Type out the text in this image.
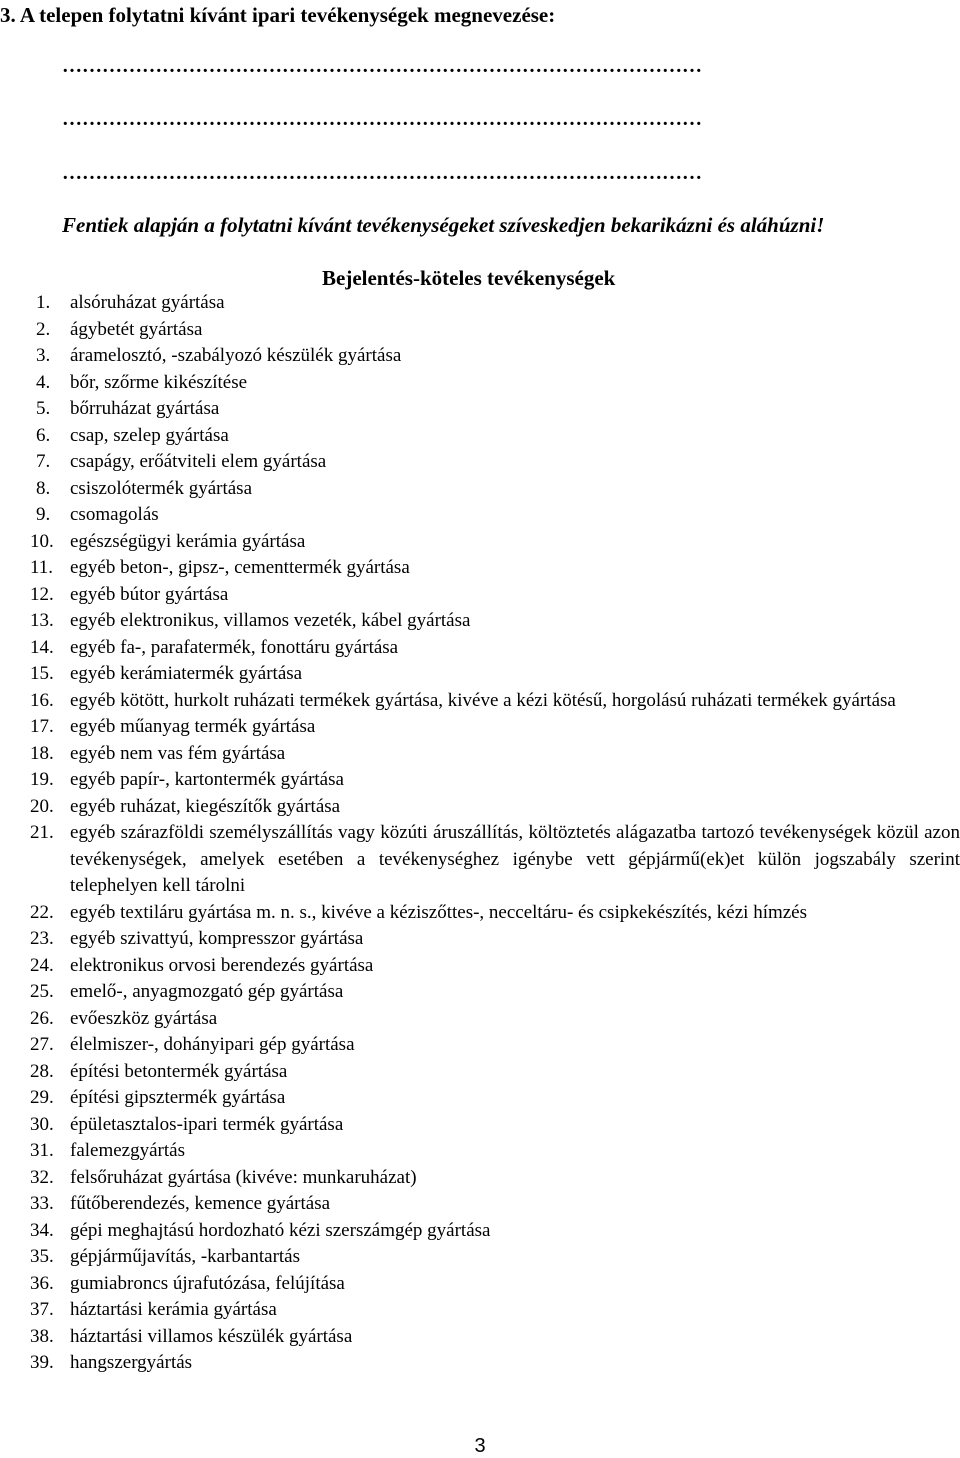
3. A telepen folytatni kívánt ipari tevékenységek megnevezése:
……………………………………………………………………………………
……………………………………………………………………………………
……………………………………………………………………………………
Fentiek alapján a folytatni kívánt tevékenységeket szíveskedjen bekarikázni és aláhúzni!
Bejelentés-köteles tevékenységek
1.	alsóruházat gyártása
2.	ágybetét gyártása
3.	áramelosztó, -szabályozó készülék gyártása
4.	bőr, szőrme kikészítése
5.	bőrruházat gyártása
6.	csap, szelep gyártása
7.	csapágy, erőátviteli elem gyártása
8.	csiszolótermék gyártása
9.	csomagolás
10. egészségügyi kerámia gyártása
11. egyéb beton-, gipsz-, cementtermék gyártása
12. egyéb bútor gyártása
13. egyéb elektronikus, villamos vezeték, kábel gyártása
14. egyéb fa-, parafatermék, fonottáru gyártása
15. egyéb kerámiatermék gyártása
16. egyéb kötött, hurkolt ruházati termékek gyártása, kivéve a kézi kötésű, horgolású ruházati termékek gyártása
17. egyéb műanyag termék gyártása
18. egyéb nem vas fém gyártása
19. egyéb papír-, kartontermék gyártása
20. egyéb ruházat, kiegészítők gyártása
21. egyéb szárazföldi személyszállítás vagy közúti áruszállítás, költöztetés alágazatba tartozó tevékenységek közül azon tevékenységek, amelyek esetében a tevékenységhez igénybe vett gépjármű(ek)et külön jogszabály szerint telephelyen kell tárolni
22. egyéb textiláru gyártása m. n. s., kivéve a kéziszőttes-, necceltáru- és csipkekészítés, kézi hímzés
23. egyéb szivattyú, kompresszor gyártása
24. elektronikus orvosi berendezés gyártása
25. emelő-, anyagmozgató gép gyártása
26. evőeszköz gyártása
27. élelmiszer-, dohányipari gép gyártása
28. építési betontermék gyártása
29. építési gipsztermék gyártása
30. épületasztalos-ipari termék gyártása
31. falemezgyártás
32. felsőruházat gyártása (kivéve: munkaruházat)
33. fűtőberendezés, kemence gyártása
34. gépi meghajtású hordozható kézi szerszámgép gyártása
35. gépjárműjavítás, -karbantartás
36. gumiabroncs újrafutózása, felújítása
37. háztartási kerámia gyártása
38. háztartási villamos készülék gyártása
39. hangszergyártás
3
